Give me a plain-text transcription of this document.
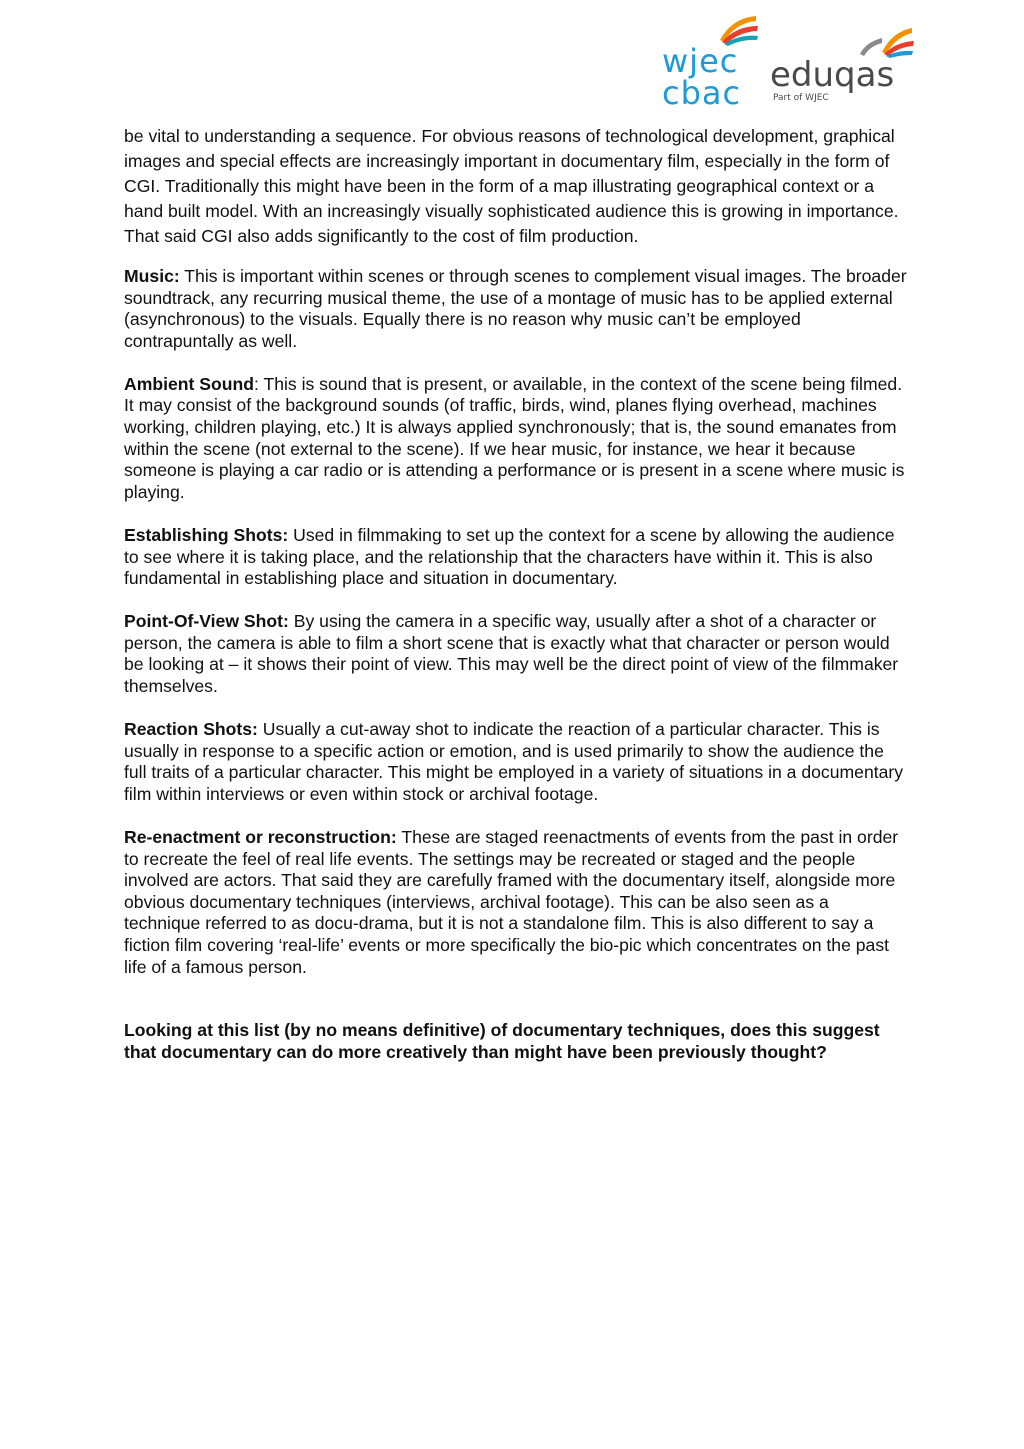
wjec
cbac eduqas
Part of WJEC

be vital to understanding a sequence. For obvious reasons of technological development, graphical images and special effects are increasingly important in documentary film, especially in the form of CGI. Traditionally this might have been in the form of a map illustrating geographical context or a hand built model. With an increasingly visually sophisticated audience this is growing in importance. That said CGI also adds significantly to the cost of film production.

Music: This is important within scenes or through scenes to complement visual images. The broader soundtrack, any recurring musical theme, the use of a montage of music has to be applied external (asynchronous) to the visuals. Equally there is no reason why music can’t be employed contrapuntally as well.

Ambient Sound: This is sound that is present, or available, in the context of the scene being filmed. It may consist of the background sounds (of traffic, birds, wind, planes flying overhead, machines working, children playing, etc.) It is always applied synchronously; that is, the sound emanates from within the scene (not external to the scene). If we hear music, for instance, we hear it because someone is playing a car radio or is attending a performance or is present in a scene where music is playing.

Establishing Shots: Used in filmmaking to set up the context for a scene by allowing the audience to see where it is taking place, and the relationship that the characters have within it. This is also fundamental in establishing place and situation in documentary.

Point-Of-View Shot: By using the camera in a specific way, usually after a shot of a character or person, the camera is able to film a short scene that is exactly what that character or person would be looking at – it shows their point of view. This may well be the direct point of view of the filmmaker themselves.

Reaction Shots: Usually a cut-away shot to indicate the reaction of a particular character. This is usually in response to a specific action or emotion, and is used primarily to show the audience the full traits of a particular character. This might be employed in a variety of situations in a documentary film within interviews or even within stock or archival footage.

Re-enactment or reconstruction: These are staged reenactments of events from the past in order to recreate the feel of real life events. The settings may be recreated or staged and the people involved are actors. That said they are carefully framed with the documentary itself, alongside more obvious documentary techniques (interviews, archival footage). This can be also seen as a technique referred to as docu-drama, but it is not a standalone film. This is also different to say a fiction film covering ‘real-life’ events or more specifically the bio-pic which concentrates on the past life of a famous person.

Looking at this list (by no means definitive) of documentary techniques, does this suggest that documentary can do more creatively than might have been previously thought?
